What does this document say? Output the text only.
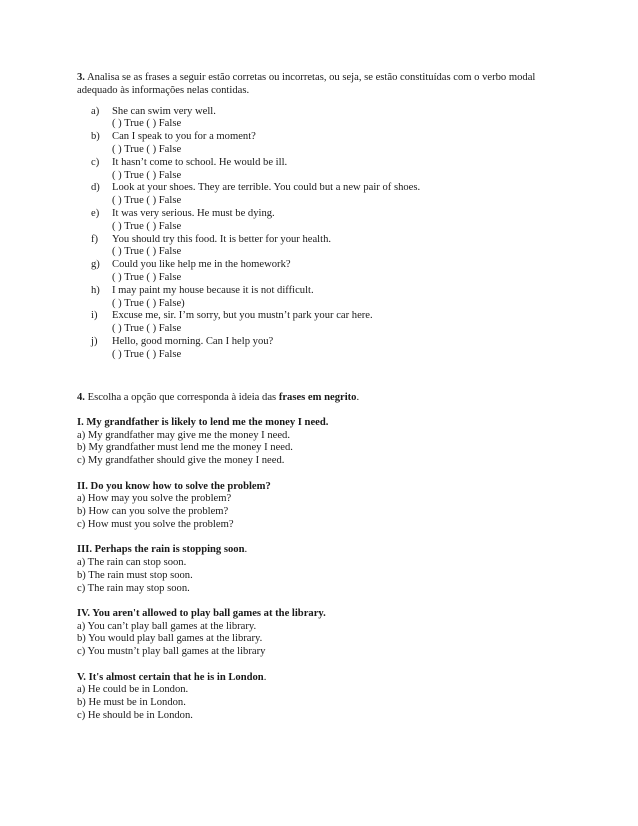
3. Analisa se as frases a seguir estão corretas ou incorretas, ou seja, se estão constituídas com o verbo modal adequado às informações nelas contidas.

a)	She can swim very well.
( ) True ( ) False
b)	Can I speak to you for a moment?
( ) True ( ) False
c)	It hasn’t come to school. He would be ill.
( ) True ( ) False
d)	Look at your shoes. They are terrible. You could but a new pair of shoes.
( ) True ( ) False
e)	It was very serious. He must be dying.
( ) True ( ) False
f)	You should try this food. It is better for your health.
( ) True ( ) False
g)	Could you like help me in the homework?
( ) True ( ) False
h)	I may paint my house because it is not difficult.
( ) True ( ) False)
i)	Excuse me, sir. I’m sorry, but you mustn’t park your car here.
( ) True ( ) False
j)	Hello, good morning. Can I help you?
( ) True ( ) False

4. Escolha a opção que corresponda à ideia das frases em negrito.

I. My grandfather is likely to lend me the money I need.
a) My grandfather may give me the money I need.
b) My grandfather must lend me the money I need.
c) My grandfather should give the money I need.
II. Do you know how to solve the problem?
a) How may you solve the problem?
b) How can you solve the problem?
c) How must you solve the problem?
III. Perhaps the rain is stopping soon.
a) The rain can stop soon.
b) The rain must stop soon.
c) The rain may stop soon.
IV. You aren't allowed to play ball games at the library.
a) You can’t play ball games at the library.
b) You would play ball games at the library.
c) You mustn’t play ball games at the library
V. It's almost certain that he is in London.
a) He could be in London.
b) He must be in London.
c) He should be in London.
